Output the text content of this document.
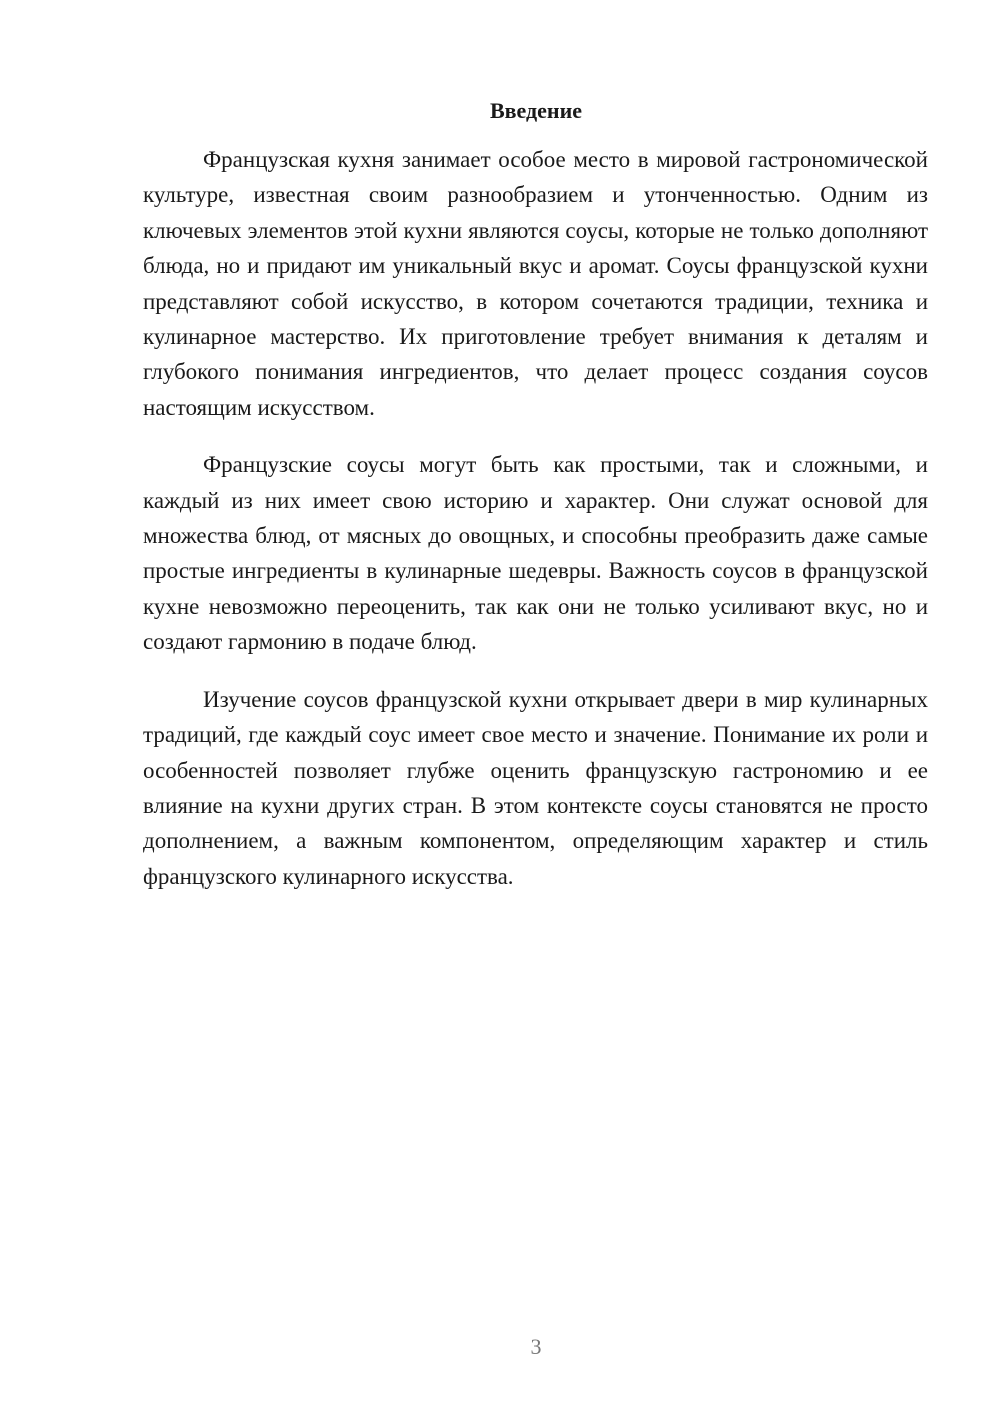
Введение

Французская кухня занимает особое место в мировой гастрономической культуре, известная своим разнообразием и утонченностью. Одним из ключевых элементов этой кухни являются соусы, которые не только дополняют блюда, но и придают им уникальный вкус и аромат. Соусы французской кухни представляют собой искусство, в котором сочетаются традиции, техника и кулинарное мастерство. Их приготовление требует внимания к деталям и глубокого понимания ингредиентов, что делает процесс создания соусов настоящим искусством.

Французские соусы могут быть как простыми, так и сложными, и каждый из них имеет свою историю и характер. Они служат основой для множества блюд, от мясных до овощных, и способны преобразить даже самые простые ингредиенты в кулинарные шедевры. Важность соусов в французской кухне невозможно переоценить, так как они не только усиливают вкус, но и создают гармонию в подаче блюд.

Изучение соусов французской кухни открывает двери в мир кулинарных традиций, где каждый соус имеет свое место и значение. Понимание их роли и особенностей позволяет глубже оценить французскую гастрономию и ее влияние на кухни других стран. В этом контексте соусы становятся не просто дополнением, а важным компонентом, определяющим характер и стиль французского кулинарного искусства.

3
